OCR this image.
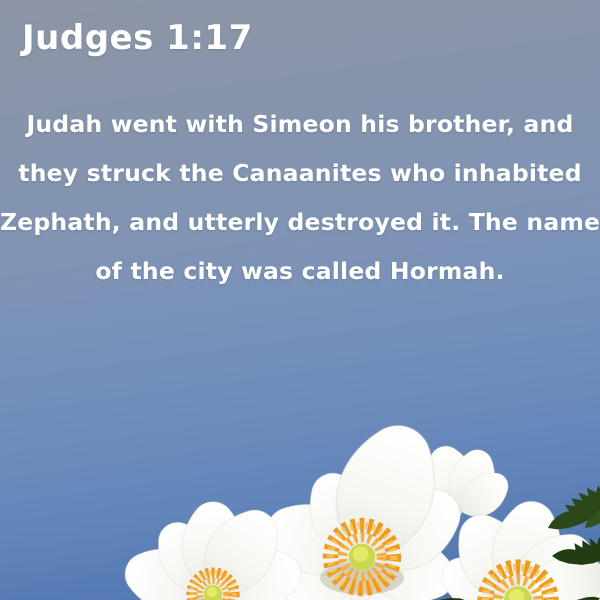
Judges 1:17
Judah went with Simeon his brother, and
they struck the Canaanites who inhabited
Zephath, and utterly destroyed it. The name
of the city was called Hormah.
